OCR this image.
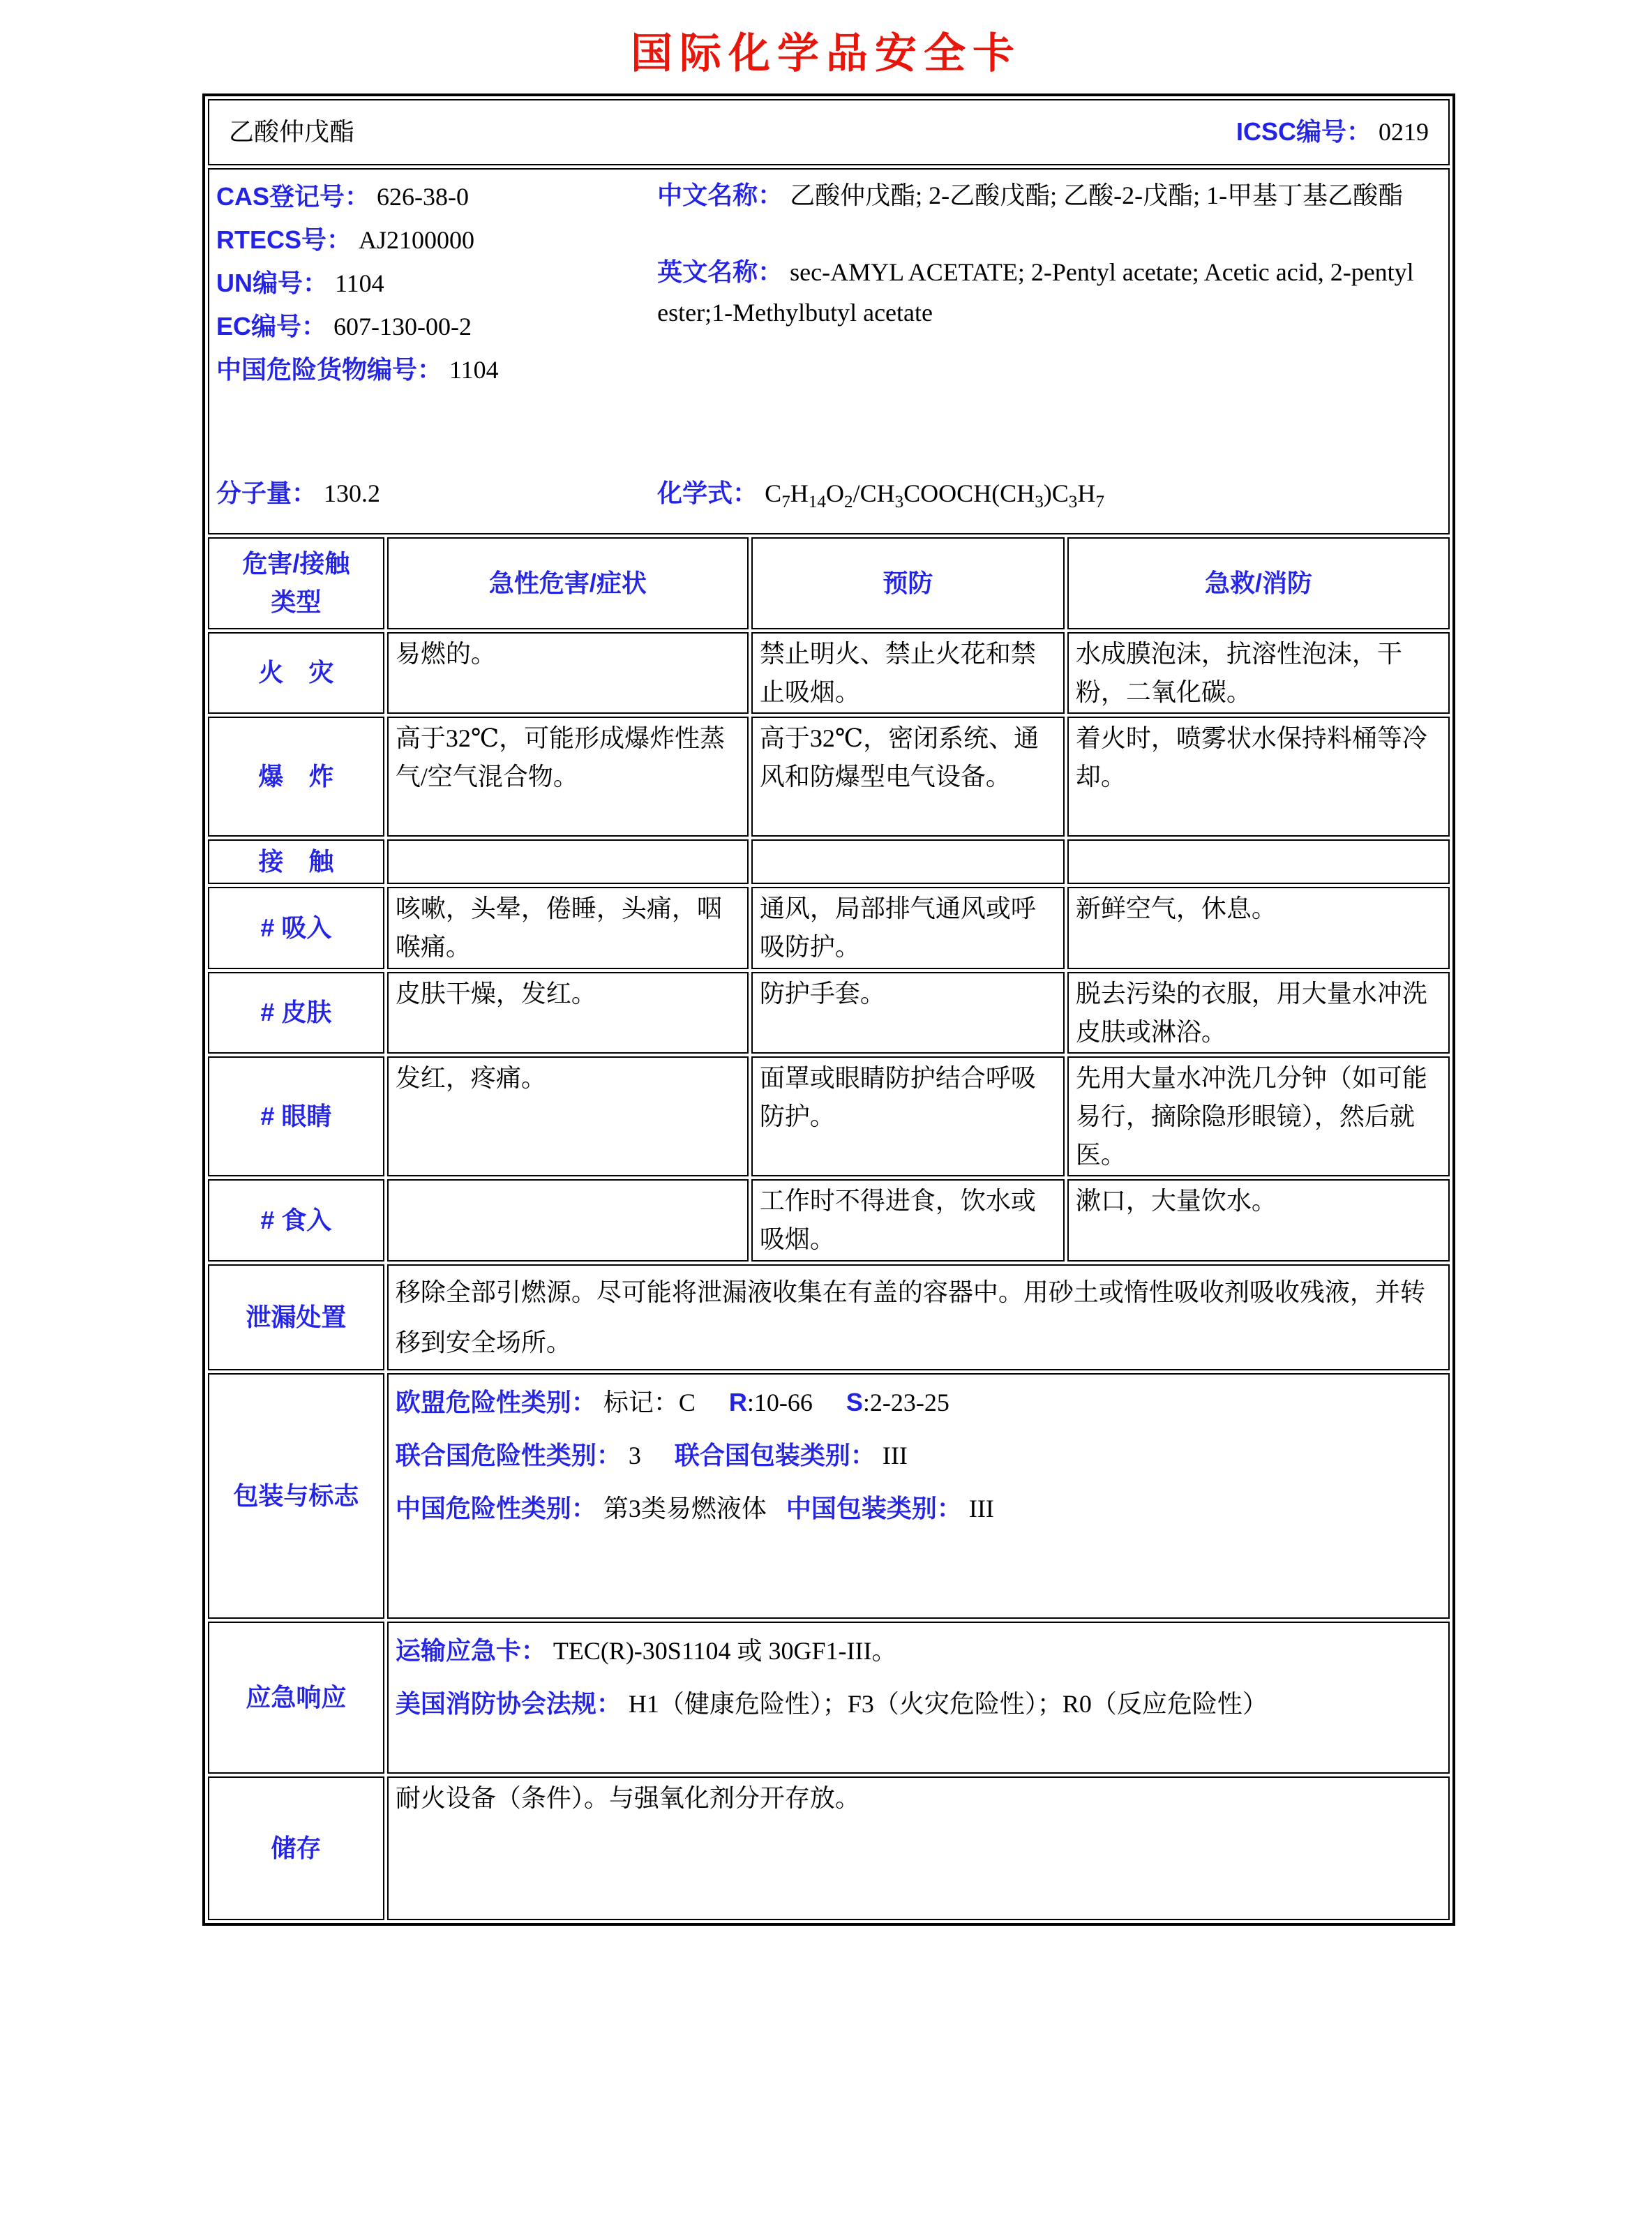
国际化学品安全卡
乙酸仲戊酯 ICSC编号： 0219			

CAS登记号： 626-38-0
RTECS号： AJ2100000
UN编号： 1104
EC编号： 607-130-00-2
中国危险货物编号： 1104
分子量： 130.2

中文名称： 乙酸仲戊酯; 2-乙酸戊酯; 乙酸-2-戊酯; 1-甲基丁基乙酸酯

英文名称： sec-AMYL ACETATE; 2-Pentyl acetate; Acetic acid, 2-pentyl ester;1-Methylbutyl acetate

化学式： $C_7H_{14}O_2/CH_3COOCH(CH_3)C_3H_7$

危害/接触
类型	急性危害/症状	预防	急救/消防
火　灾	易燃的。	禁止明火、禁止火花和禁止吸烟。	水成膜泡沫，抗溶性泡沫，干粉，二氧化碳。
爆　炸	高于32℃，可能形成爆炸性蒸气/空气混合物。	高于32℃，密闭系统、通风和防爆型电气设备。	着火时，喷雾状水保持料桶等冷却。
接　触			
# 吸入	咳嗽，头晕，倦睡，头痛，咽喉痛。	通风，局部排气通风或呼吸防护。	新鲜空气，休息。
# 皮肤	皮肤干燥，发红。	防护手套。	脱去污染的衣服，用大量水冲洗皮肤或淋浴。
# 眼睛	发红，疼痛。	面罩或眼睛防护结合呼吸防护。	先用大量水冲洗几分钟（如可能易行，摘除隐形眼镜），然后就医。
# 食入		工作时不得进食，饮水或吸烟。	漱口，大量饮水。
泄漏处置	移除全部引燃源。尽可能将泄漏液收集在有盖的容器中。用砂土或惰性吸收剂吸收残液，并转移到安全场所。		
包装与标志	欧盟危险性类别： 标记：C R:10-66 S:2-23-25
联合国危险性类别： 3 联合国包装类别： III
中国危险性类别： 第3类易燃液体 中国包装类别： III		

应急响应	运输应急卡： TEC(R)-30S1104 或 30GF1-III。
美国消防协会法规： H1（健康危险性）；F3（火灾危险性）；R0（反应危险性）		

储存	耐火设备（条件）。与强氧化剂分开存放。		
